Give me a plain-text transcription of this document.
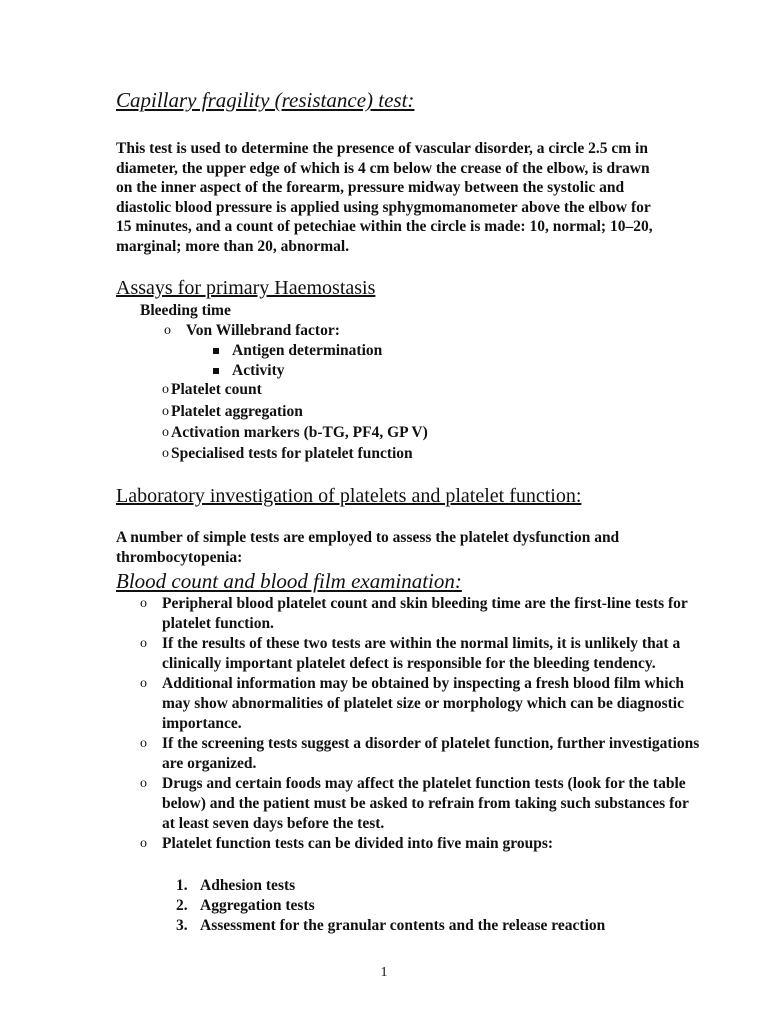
Capillary fragility (resistance) test:

This test is used to determine the presence of vascular disorder, a circle 2.5 cm in diameter, the upper edge of which is 4 cm below the crease of the elbow, is drawn on the inner aspect of the forearm, pressure midway between the systolic and diastolic blood pressure is applied using sphygmomanometer above the elbow for 15 minutes, and a count of petechiae within the circle is made: 10, normal; 10–20, marginal; more than 20, abnormal.

Assays for primary Haemostasis
Bleeding time
o Von Willebrand factor:
Antigen determination
Activity
o Platelet count
o Platelet aggregation
o Activation markers (b-TG, PF4, GP V)
o Specialised tests for platelet function
Laboratory investigation of platelets and platelet function:

A number of simple tests are employed to assess the platelet dysfunction and thrombocytopenia:

Blood count and blood film examination:
o Peripheral blood platelet count and skin bleeding time are the first-line tests for platelet function.
o If the results of these two tests are within the normal limits, it is unlikely that a clinically important platelet defect is responsible for the bleeding tendency.
o Additional information may be obtained by inspecting a fresh blood film which may show abnormalities of platelet size or morphology which can be diagnostic importance.
o If the screening tests suggest a disorder of platelet function, further investigations are organized.
o Drugs and certain foods may affect the platelet function tests (look for the table below) and the patient must be asked to refrain from taking such substances for at least seven days before the test.
o Platelet function tests can be divided into five main groups:
1. Adhesion tests
2. Aggregation tests
3. Assessment for the granular contents and the release reaction
1
